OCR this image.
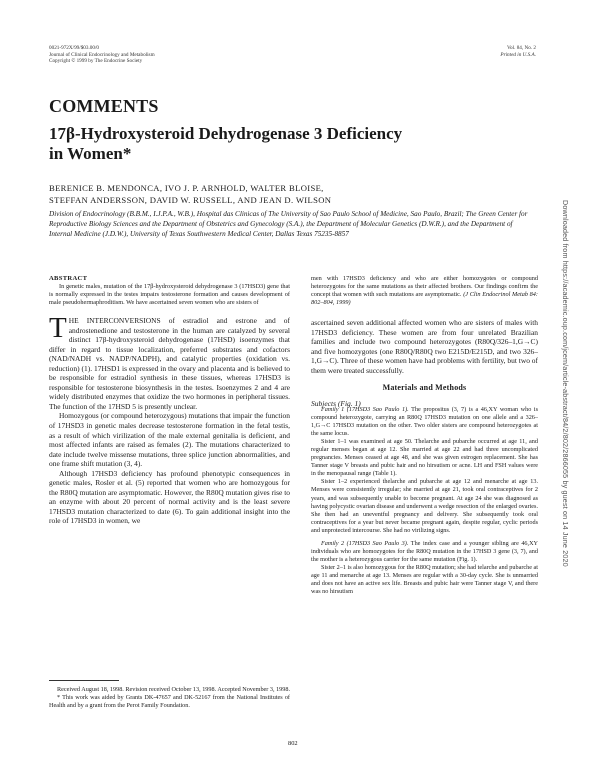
0021-972X/99/$03.00/0
Journal of Clinical Endocrinology and Metabolism
Copyright © 1999 by The Endocrine Society
Vol. 84, No. 2
Printed in U.S.A.
COMMENTS
17β-Hydroxysteroid Dehydrogenase 3 Deficiency
in Women*
BERENICE B. MENDONCA, IVO J. P. ARNHOLD, WALTER BLOISE,
STEFFAN ANDERSSON, DAVID W. RUSSELL, AND JEAN D. WILSON
Division of Endocrinology (B.B.M., I.J.P.A., W.B.), Hospital das Clinicas of The University of Sao Paulo School of Medicine, Sao Paulo, Brazil; The Green Center for Reproductive Biology Sciences and the Department of Obstetrics and Gynecology (S.A.), the Department of Molecular Genetics (D.W.R.), and the Department of Internal Medicine (J.D.W.), University of Texas Southwestern Medical Center, Dallas Texas 75235-8857
ABSTRACT
In genetic males, mutation of the 17β-hydroxysteroid dehydrogenase 3 (17HSD3) gene that is normally expressed in the testes impairs testosterone formation and causes development of male pseudohermaphroditism. We have ascertained seven women who are sisters of
men with 17HSD3 deficiency and who are either homozygotes or compound heterozygotes for the same mutations as their affected brothers. Our findings confirm the concept that women with such mutations are asymptomatic. (J Clin Endocrinol Metab 84: 802–804, 1999)

THE INTERCONVERSIONS of estradiol and estrone and of androstenedione and testosterone in the human are catalyzed by several distinct 17β-hydroxysteroid dehydrogenase (17HSD) isoenzymes that differ in regard to tissue localization, preferred substrates and cofactors (NAD/NADH vs. NADP/NADPH), and catalytic properties (oxidation vs. reduction) (1). 17HSD1 is expressed in the ovary and placenta and is believed to be responsible for estradiol synthesis in these tissues, whereas 17HSD3 is responsible for testosterone biosynthesis in the testes. Isoenzymes 2 and 4 are widely distributed enzymes that oxidize the two hormones in peripheral tissues. The function of the 17HSD 5 is presently unclear.

Homozygous (or compound heterozygous) mutations that impair the function of 17HSD3 in genetic males decrease testosterone formation in the fetal testis, as a result of which virilization of the male external genitalia is deficient, and most affected infants are raised as females (2). The mutations characterized to date include twelve missense mutations, three splice junction abnormalities, and one frame shift mutation (3, 4).

Although 17HSD3 deficiency has profound phenotypic consequences in genetic males, Rosler et al. (5) reported that women who are homozygous for the R80Q mutation are asymptomatic. However, the R80Q mutation gives rise to an enzyme with about 20 percent of normal activity and is the least severe 17HSD3 mutation characterized to date (6). To gain additional insight into the role of 17HSD3 in women, we

ascertained seven additional affected women who are sisters of males with 17HSD3 deficiency. These women are from four unrelated Brazilian families and include two compound heterozygotes (R80Q/326–1,G→C) and five homozygotes (one R80Q/R80Q two E215D/E215D, and two 326–1,G→C). Three of these women have had problems with fertility, but two of them were treated successfully.

Materials and Methods
Subjects (Fig. 1)

Family 1 (17HSD3 Sao Paulo 1). The propositus (3, 7) is a 46,XY woman who is compound heterozygote, carrying an R80Q 17HSD3 mutation on one allele and a 326–1,G→C 17HSD3 mutation on the other. Two older sisters are compound heterozygotes at the same locus.

Sister 1–1 was examined at age 50. Thelarche and pubarche occurred at age 11, and regular menses began at age 12. She married at age 22 and had three uncomplicated pregnancies. Menses ceased at age 48, and she was given estrogen replacement. She has Tanner stage V breasts and pubic hair and no hirsutism or acne. LH and FSH values were in the menopausal range (Table 1).

Sister 1–2 experienced thelarche and pubarche at age 12 and menarche at age 13. Menses were consistently irregular; she married at age 21, took oral contraceptives for 2 years, and was subsequently unable to become pregnant. At age 24 she was diagnosed as having polycystic ovarian disease and underwent a wedge resection of the enlarged ovaries. She then had an uneventful pregnancy and delivery. She subsequently took oral contraceptives for a year but never became pregnant again, despite regular, cyclic periods and unprotected intercourse. She had no virilizing signs.

Family 2 (17HSD3 Sao Paulo 3). The index case and a younger sibling are 46,XY individuals who are homozygotes for the R80Q mutation in the 17HSD 3 gene (3, 7), and the mother is a heterozygous carrier for the same mutation (Fig. 1).

Sister 2–1 is also homozygous for the R80Q mutation; she had telarche and pubarche at age 11 and menarche at age 13. Menses are regular with a 30-day cycle. She is unmarried and does not have an active sex life. Breasts and pubic hair were Tanner stage V, and there was no hirsutism

Received August 18, 1998. Revision received October 13, 1998. Accepted November 3, 1998.

* This work was aided by Grants DK-47657 and DK-52167 from the National Institutes of Health and by a grant from the Perot Family Foundation.

802
Downloaded from https://academic.oup.com/jcem/article-abstract/84/2/802/2866055 by guest on 14 June 2020
